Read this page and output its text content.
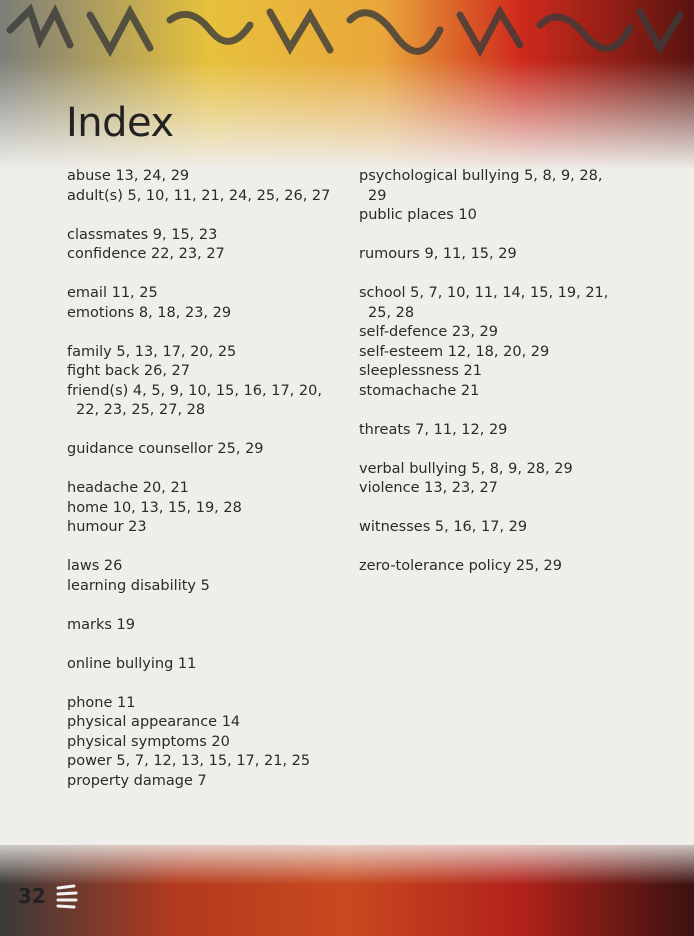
Index
abuse 13, 24, 29
adult(s) 5, 10, 11, 21, 24, 25, 26, 27
classmates 9, 15, 23
confidence 22, 23, 27
email 11, 25
emotions 8, 18, 23, 29
family 5, 13, 17, 20, 25
fight back 26, 27
friend(s) 4, 5, 9, 10, 15, 16, 17, 20, 22, 23, 25, 27, 28
guidance counsellor 25, 29
headache 20, 21
home 10, 13, 15, 19, 28
humour 23
laws 26
learning disability 5
marks 19
online bullying 11
phone 11
physical appearance 14
physical symptoms 20
power 5, 7, 12, 13, 15, 17, 21, 25
property damage 7
psychological bullying 5, 8, 9, 28, 29
public places 10
rumours 9, 11, 15, 29
school 5, 7, 10, 11, 14, 15, 19, 21, 25, 28
self-defence 23, 29
self-esteem 12, 18, 20, 29
sleeplessness 21
stomachache 21
threats 7, 11, 12, 29
verbal bullying 5, 8, 9, 28, 29
violence 13, 23, 27
witnesses 5, 16, 17, 29
zero-tolerance policy 25, 29
32
